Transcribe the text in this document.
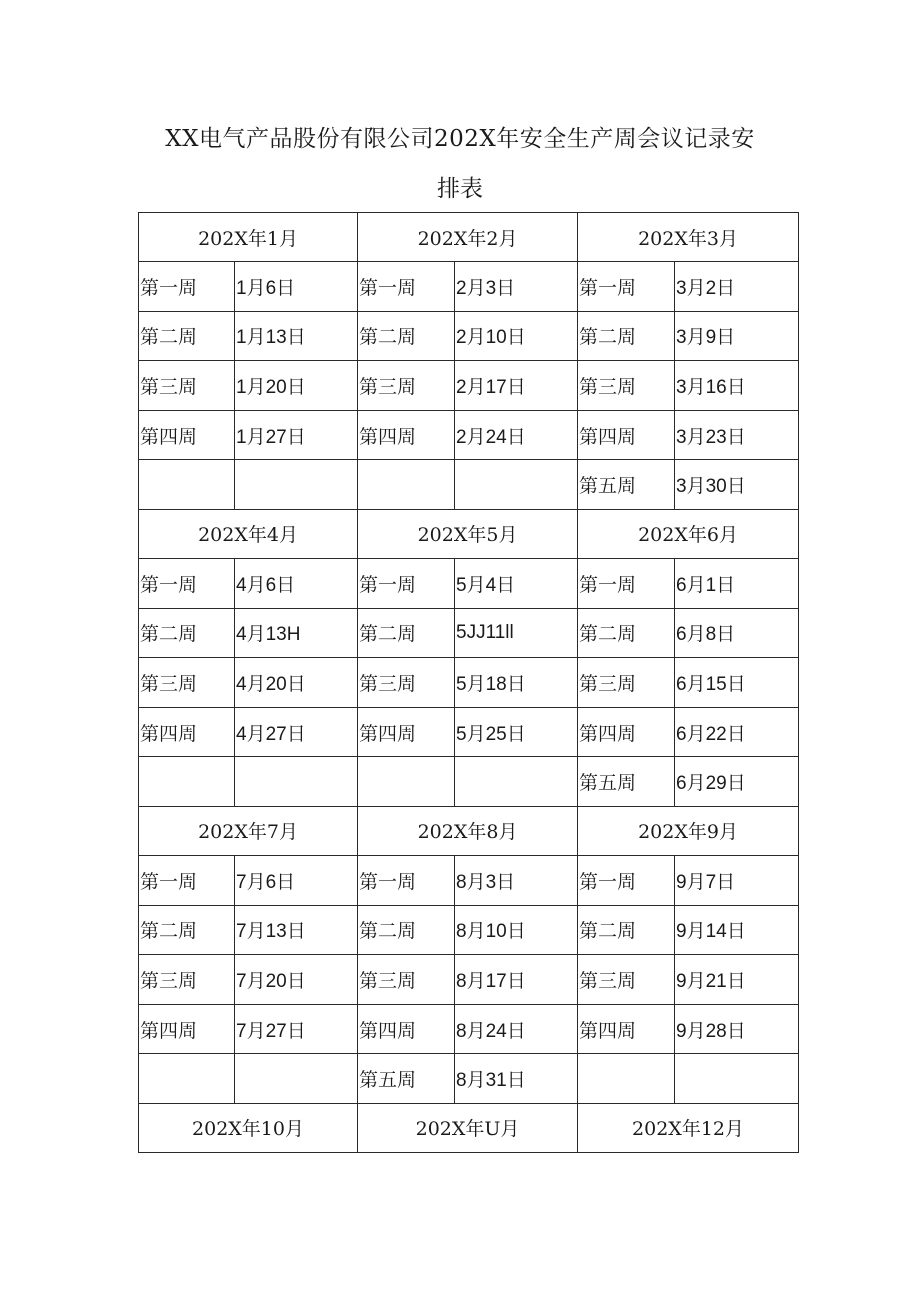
XX电气产品股份有限公司202X年安全生产周会议记录安
排表
202X年1月		202X年2月		202X年3月	
第一周	1月6日	第一周	2月3日	第一周	3月2日
第二周	1月13日	第二周	2月10日	第二周	3月9日
第三周	1月20日	第三周	2月17日	第三周	3月16日
第四周	1月27日	第四周	2月24日	第四周	3月23日
				第五周	3月30日
202X年4月		202X年5月		202X年6月	
第一周	4月6日	第一周	5月4日	第一周	6月1日
第二周	4月13H	第二周	5JJ11ll	第二周	6月8日
第三周	4月20日	第三周	5月18日	第三周	6月15日
第四周	4月27日	第四周	5月25日	第四周	6月22日
				第五周	6月29日
202X年7月		202X年8月		202X年9月	
第一周	7月6日	第一周	8月3日	第一周	9月7日
第二周	7月13日	第二周	8月10日	第二周	9月14日
第三周	7月20日	第三周	8月17日	第三周	9月21日
第四周	7月27日	第四周	8月24日	第四周	9月28日
		第五周	8月31日		
202X年10月		202X年U月		202X年12月	
